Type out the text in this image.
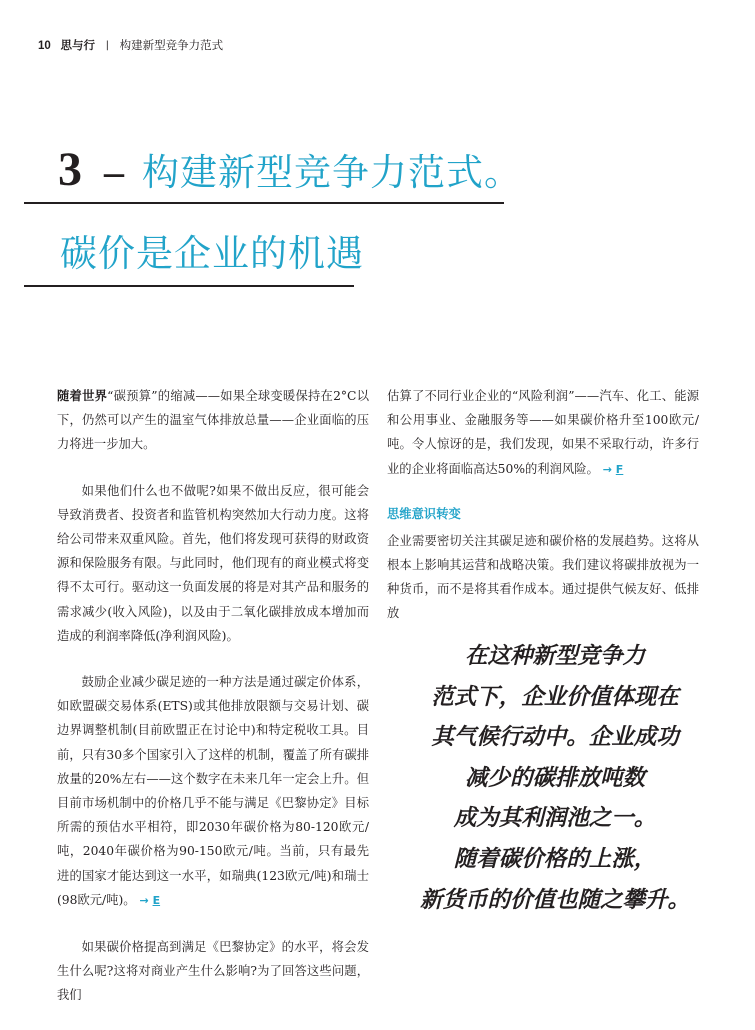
10 思与行 | 构建新型竞争力范式
3 – 构建新型竞争力范式。
碳价是企业的机遇

随着世界“碳预算”的缩减——如果全球变暖保持在2°C以下，仍然可以产生的温室气体排放总量——企业面临的压力将进一步加大。

如果他们什么也不做呢?如果不做出反应，很可能会导致消费者、投资者和监管机构突然加大行动力度。这将给公司带来双重风险。首先，他们将发现可获得的财政资源和保险服务有限。与此同时，他们现有的商业模式将变得不太可行。驱动这一负面发展的将是对其产品和服务的需求减少(收入风险)，以及由于二氧化碳排放成本增加而造成的利润率降低(净利润风险)。

鼓励企业减少碳足迹的一种方法是通过碳定价体系，如欧盟碳交易体系(ETS)或其他排放限额与交易计划、碳边界调整机制(目前欧盟正在讨论中)和特定税收工具。目前，只有30多个国家引入了这样的机制，覆盖了所有碳排放量的20%左右——这个数字在未来几年一定会上升。但目前市场机制中的价格几乎不能与满足《巴黎协定》目标所需的预估水平相符，即2030年碳价格为80-120欧元/吨，2040年碳价格为90-150欧元/吨。当前，只有最先进的国家才能达到这一水平，如瑞典(123欧元/吨)和瑞士(98欧元/吨)。 → E

如果碳价格提高到满足《巴黎协定》的水平，将会发生什么呢?这将对商业产生什么影响?为了回答这些问题，我们

估算了不同行业企业的“风险利润”——汽车、化工、能源和公用事业、金融服务等——如果碳价格升至100欧元/吨。令人惊讶的是，我们发现，如果不采取行动，许多行业的企业将面临高达50%的利润风险。 → F

思维意识转变

企业需要密切关注其碳足迹和碳价格的发展趋势。这将从根本上影响其运营和战略决策。我们建议将碳排放视为一种货币，而不是将其看作成本。通过提供气候友好、低排放

在这种新型竞争力
范式下，企业价值体现在
其气候行动中。企业成功
减少的碳排放吨数
成为其利润池之一。
随着碳价格的上涨，
新货币的价值也随之攀升。
